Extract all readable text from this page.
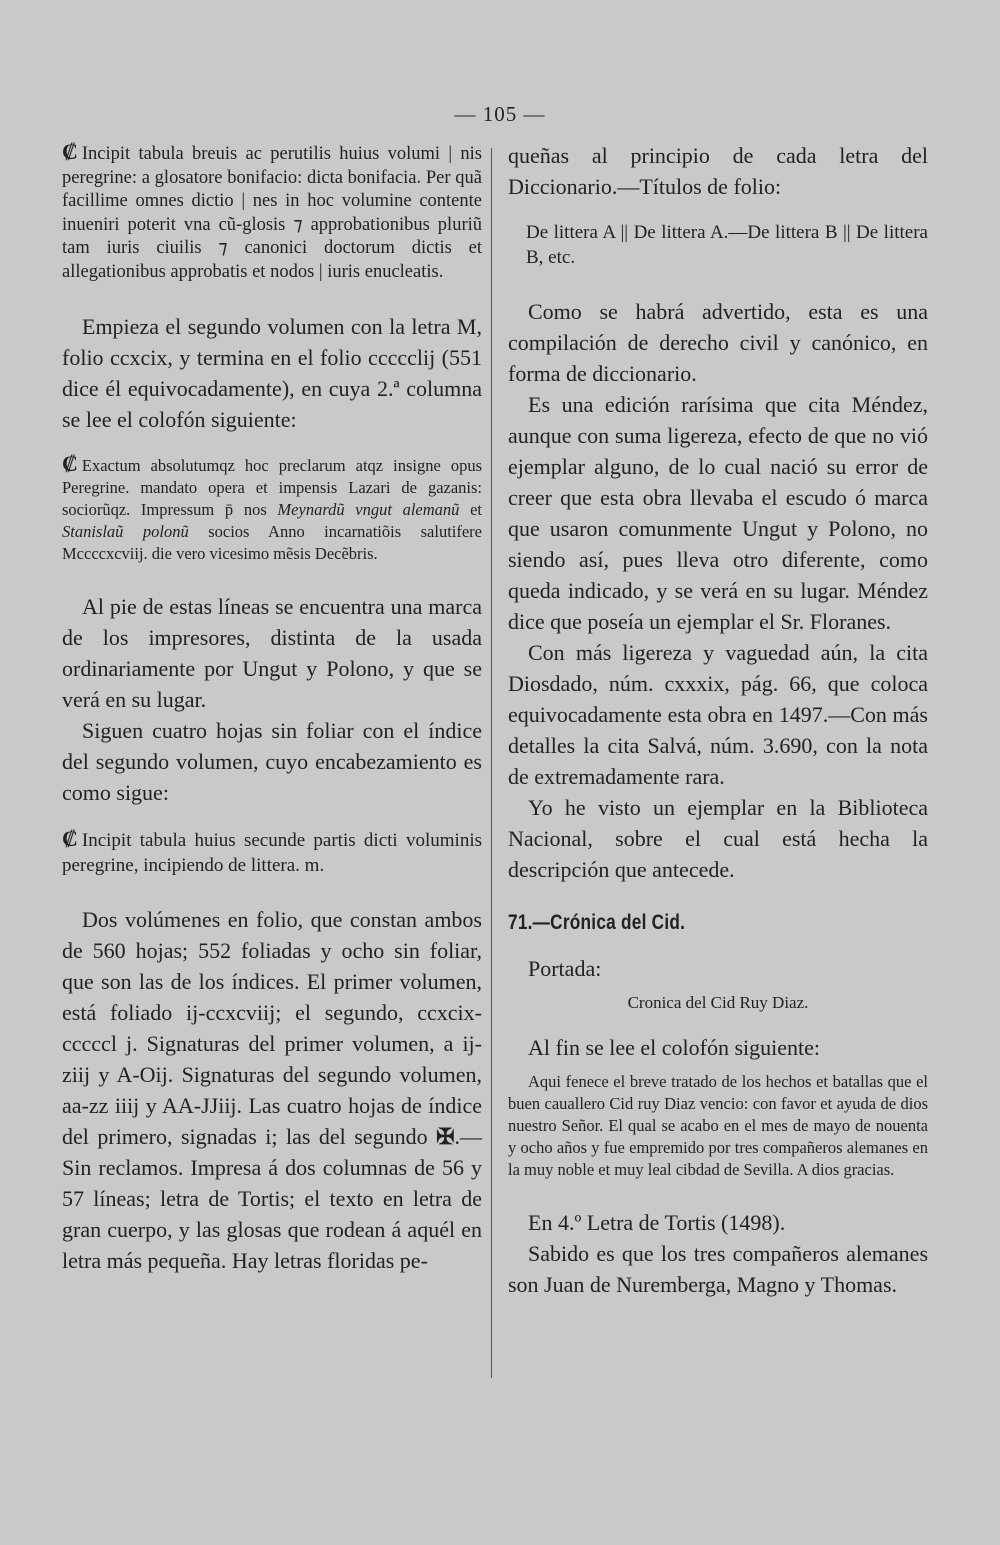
— 105 —

₡ Incipit tabula breuis ac perutilis huius volumi | nis peregrine: a glosatore bonifacio: dicta bonifacia. Per quã facillime omnes dictio | nes in hoc volumine contente inueniri poterit vna cũ-glosis ⁊ approbationibus pluriũ tam iuris ciuilis ⁊ canonici doctorum dictis et allegationibus approbatis et nodos | iuris enucleatis.

Empieza el segundo volumen con la letra M, folio ccxcix, y termina en el folio cccccliј (551 dice él equivocadamente), en cuya 2.ª columna se lee el colofón siguiente:

₡ Exactum absolutumqz hoc preclarum atqz insigne opus Peregrine. mandato opera et impensis Lazari de gazanis: sociorũqz. Impressum p̄ nos Meynardũ vngut alemanũ et Stanislaũ polonũ socios Anno incarnatiõis salutifere Mccccxcviij. die vero vicesimo mẽsis Decẽbris.

Al pie de estas líneas se encuentra una marca de los impresores, distinta de la usada ordinariamente por Ungut y Polono, y que se verá en su lugar.

Siguen cuatro hojas sin foliar con el índice del segundo volumen, cuyo encabezamiento es como sigue:

₡ Incipit tabula huius secunde partis dicti voluminis peregrine, incipiendo de littera. m.

Dos volúmenes en folio, que constan ambos de 560 hojas; 552 foliadas y ocho sin foliar, que son las de los índices. El primer volumen, está foliado ij-ccxcviij; el segundo, ccxcix-cccccl j. Signaturas del primer volumen, a ij-ziij y A-Oij. Signaturas del segundo volumen, aa-zz iiij y AA-JJiij. Las cuatro hojas de índice del primero, signadas i; las del segundo ✠.—Sin reclamos. Impresa á dos columnas de 56 y 57 líneas; letra de Tortis; el texto en letra de gran cuerpo, y las glosas que rodean á aquél en letra más pequeña. Hay letras floridas pe-

queñas al principio de cada letra del Diccionario.—Títulos de folio:

De littera A || De littera A.—De littera B || De littera B, etc.

Como se habrá advertido, esta es una compilación de derecho civil y canónico, en forma de diccionario.

Es una edición rarísima que cita Méndez, aunque con suma ligereza, efecto de que no vió ejemplar alguno, de lo cual nació su error de creer que esta obra llevaba el escudo ó marca que usaron comunmente Ungut y Polono, no siendo así, pues lleva otro diferente, como queda indicado, y se verá en su lugar. Méndez dice que poseía un ejemplar el Sr. Floranes.

Con más ligereza y vaguedad aún, la cita Diosdado, núm. cxxxix, pág. 66, que coloca equivocadamente esta obra en 1497.—Con más detalles la cita Salvá, núm. 3.690, con la nota de extremadamente rara.

Yo he visto un ejemplar en la Biblioteca Nacional, sobre el cual está hecha la descripción que antecede.

71.—Crónica del Cid.

Portada:

Cronica del Cid Ruy Diaz.

Al fin se lee el colofón siguiente:

Aqui fenece el breve tratado de los hechos et batallas que el buen cauallero Cid ruy Diaz vencio: con favor et ayuda de dios nuestro Señor. El qual se acabo en el mes de mayo de nouenta y ocho años y fue empremido por tres compañeros alemanes en la muy noble et muy leal cibdad de Sevilla. A dios gracias.

En 4.º Letra de Tortis (1498).

Sabido es que los tres compañeros alemanes son Juan de Nuremberga, Magno y Thomas.
